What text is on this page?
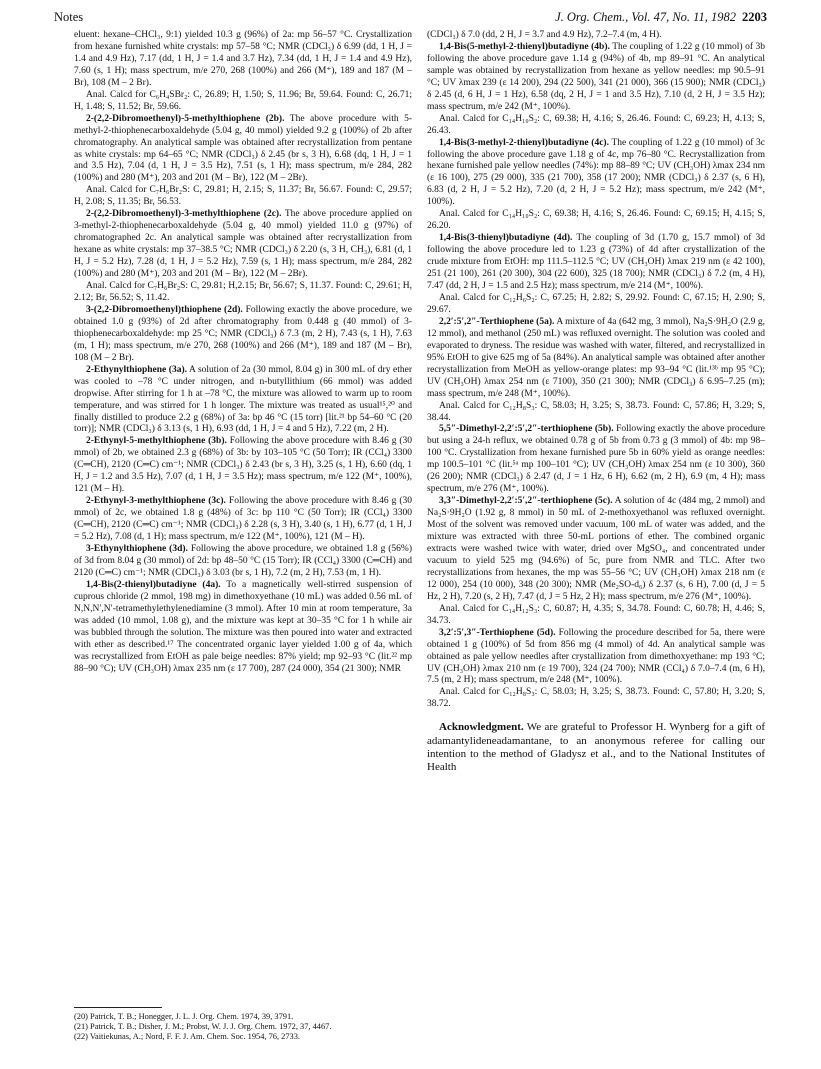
Notes	J. Org. Chem., Vol. 47, No. 11, 1982 2203

eluent: hexane–CHCl₃, 9:1) yielded 10.3 g (96%) of 2a: mp 56–57 °C. Crystallization from hexane furnished white crystals: mp 57–58 °C; NMR (CDCl₃) δ 6.99 (dd, 1 H, J = 1.4 and 4.9 Hz), 7.17 (dd, 1 H, J = 1.4 and 3.7 Hz), 7.34 (dd, 1 H, J = 1.4 and 4.9 Hz), 7.60 (s, 1 H); mass spectrum, m/e 270, 268 (100%) and 266 (M⁺), 189 and 187 (M – Br), 108 (M – 2 Br).

Anal. Calcd for C₆H₄SBr₂: C, 26.89; H, 1.50; S, 11.96; Br, 59.64. Found: C, 26.71; H, 1.48; S, 11.52; Br, 59.66.

2-(2,2-Dibromoethenyl)-5-methylthiophene (2b). The above procedure with 5-methyl-2-thiophenecarboxaldehyde (5.04 g, 40 mmol) yielded 9.2 g (100%) of 2b after chromatography. An analytical sample was obtained after recrystallization from pentane as white crystals: mp 64–65 °C; NMR (CDCl₃) δ 2.45 (br s, 3 H), 6.68 (dq, 1 H, J = 1 and 3.5 Hz), 7.04 (d, 1 H, J = 3.5 Hz), 7.51 (s, 1 H); mass spectrum, m/e 284, 282 (100%) and 280 (M⁺), 203 and 201 (M – Br), 122 (M – 2Br).

Anal. Calcd for C₇H₆Br₂S: C, 29.81; H, 2.15; S, 11.37; Br, 56.67. Found: C, 29.57; H, 2.08; S, 11.35; Br, 56.53.

2-(2,2-Dibromoethenyl)-3-methylthiophene (2c). The above procedure applied on 3-methyl-2-thiophenecarboxaldehyde (5.04 g, 40 mmol) yielded 11.0 g (97%) of chromatographed 2c. An analytical sample was obtained after recrystallization from hexane as white crystals: mp 37–38.5 °C; NMR (CDCl₃) δ 2.20 (s, 3 H, CH₃), 6.81 (d, 1 H, J = 5.2 Hz), 7.28 (d, 1 H, J = 5.2 Hz), 7.59 (s, 1 H); mass spectrum, m/e 284, 282 (100%) and 280 (M⁺), 203 and 201 (M – Br), 122 (M – 2Br).

Anal. Calcd for C₇H₆Br₂S: C, 29.81; H,2.15; Br, 56.67; S, 11.37. Found: C, 29.61; H, 2.12; Br, 56.52; S, 11.42.

3-(2,2-Dibromoethenyl)thiophene (2d). Following exactly the above procedure, we obtained 1.0 g (93%) of 2d after chromatography from 0.448 g (40 mmol) of 3-thiophenecarboxaldehyde: mp 25 °C; NMR (CDCl₃) δ 7.3 (m, 2 H), 7.43 (s, 1 H), 7.63 (m, 1 H); mass spectrum, m/e 270, 268 (100%) and 266 (M⁺), 189 and 187 (M – Br), 108 (M – 2 Br).

2-Ethynylthiophene (3a). A solution of 2a (30 mmol, 8.04 g) in 300 mL of dry ether was cooled to –78 °C under nitrogen, and n-butyllithium (66 mmol) was added dropwise. After stirring for 1 h at –78 °C, the mixture was allowed to warm up to room temperature, and was stirred for 1 h longer. The mixture was treated as usual¹⁵,²⁰ and finally distilled to produce 2.2 g (68%) of 3a: bp 46 °C (15 torr) [lit.²¹ bp 54–60 °C (20 torr)]; NMR (CDCl₃) δ 3.13 (s, 1 H), 6.93 (dd, 1 H, J = 4 and 5 Hz), 7.22 (m, 2 H).

2-Ethynyl-5-methylthiophene (3b). Following the above procedure with 8.46 g (30 mmol) of 2b, we obtained 2.3 g (68%) of 3b: by 103–105 °C (50 Torr); IR (CCl₄) 3300 (C═CH), 2120 (C═C) cm⁻¹; NMR (CDCl₃) δ 2.43 (br s, 3 H), 3.25 (s, 1 H), 6.60 (dq, 1 H, J = 1.2 and 3.5 Hz), 7.07 (d, 1 H, J = 3.5 Hz); mass spectrum, m/e 122 (M⁺, 100%), 121 (M – H).

2-Ethynyl-3-methylthiophene (3c). Following the above procedure with 8.46 g (30 mmol) of 2c, we obtained 1.8 g (48%) of 3c: bp 110 °C (50 Torr); IR (CCl₄) 3300 (C═CH), 2120 (C═C) cm⁻¹; NMR (CDCl₃) δ 2.28 (s, 3 H), 3.40 (s, 1 H), 6.77 (d, 1 H, J = 5.2 Hz), 7.08 (d, 1 H); mass spectrum, m/e 122 (M⁺, 100%), 121 (M – H).

3-Ethynylthiophene (3d). Following the above procedure, we obtained 1.8 g (56%) of 3d from 8.04 g (30 mmol) of 2d: bp 48–50 °C (15 Torr); IR (CCl₄) 3300 (C═CH) and 2120 (C═C) cm⁻¹; NMR (CDCl₃) δ 3.03 (br s, 1 H), 7.2 (m, 2 H), 7.53 (m, 1 H).

1,4-Bis(2-thienyl)butadiyne (4a). To a magnetically well-stirred suspension of cuprous chloride (2 mmol, 198 mg) in dimethoxyethane (10 mL) was added 0.56 mL of N,N,N′,N′-tetramethylethylenediamine (3 mmol). After 10 min at room temperature, 3a was added (10 mmol, 1.08 g), and the mixture was kept at 30–35 °C for 1 h while air was bubbled through the solution. The mixture was then poured into water and extracted with ether as described.¹⁷ The concentrated organic layer yielded 1.00 g of 4a, which was recrystallized from EtOH as pale beige needles: 87% yield; mp 92–93 °C (lit.²² mp 88–90 °C); UV (CH₃OH) λmax 235 nm (ε 17 700), 287 (24 000), 354 (21 300); NMR

(20) Patrick, T. B.; Honegger, J. L. J. Org. Chem. 1974, 39, 3791.
(21) Patrick, T. B.; Disher, J. M.; Probst, W. J. J. Org. Chem. 1972, 37, 4467.
(22) Vaitiekunas, A.; Nord, F. F. J. Am. Chem. Soc. 1954, 76, 2733.

(CDCl₃) δ 7.0 (dd, 2 H, J = 3.7 and 4.9 Hz), 7.2–7.4 (m, 4 H).

1,4-Bis(5-methyl-2-thienyl)butadiyne (4b). The coupling of 1.22 g (10 mmol) of 3b following the above procedure gave 1.14 g (94%) of 4b, mp 89–91 °C. An analytical sample was obtained by recrystallization from hexane as yellow needles: mp 90.5–91 °C; UV λmax 239 (ε 14 200), 294 (22 500), 341 (21 000), 366 (15 900); NMR (CDCl₃) δ 2.45 (d, 6 H, J = 1 Hz), 6.58 (dq, 2 H, J = 1 and 3.5 Hz), 7.10 (d, 2 H, J = 3.5 Hz); mass spectrum, m/e 242 (M⁺, 100%).

Anal. Calcd for C₁₄H₁₀S₂: C, 69.38; H, 4.16; S, 26.46. Found: C, 69.23; H, 4.13; S, 26.43.

1,4-Bis(3-methyl-2-thienyl)butadiyne (4c). The coupling of 1.22 g (10 mmol) of 3c following the above procedure gave 1.18 g of 4c, mp 76–80 °C. Recrystallization from hexane furnished pale yellow needles (74%): mp 88–89 °C; UV (CH₃OH) λmax 234 nm (ε 16 100), 275 (29 000), 335 (21 700), 358 (17 200); NMR (CDCl₃) δ 2.37 (s, 6 H), 6.83 (d, 2 H, J = 5.2 Hz), 7.20 (d, 2 H, J = 5.2 Hz); mass spectrum, m/e 242 (M⁺, 100%).

Anal. Calcd for C₁₄H₁₀S₂: C, 69.38; H, 4.16; S, 26.46. Found: C, 69.15; H, 4.15; S, 26.20.

1,4-Bis(3-thienyl)butadiyne (4d). The coupling of 3d (1.70 g, 15.7 mmol) of 3d following the above procedure led to 1.23 g (73%) of 4d after crystallization of the crude mixture from EtOH: mp 111.5–112.5 °C; UV (CH₃OH) λmax 219 nm (ε 42 100), 251 (21 100), 261 (20 300), 304 (22 600), 325 (18 700); NMR (CDCl₃) δ 7.2 (m, 4 H), 7.47 (dd, 2 H, J = 1.5 and 2.5 Hz); mass spectrum, m/e 214 (M⁺, 100%).

Anal. Calcd for C₁₂H₆S₂: C, 67.25; H, 2.82; S, 29.92. Found: C, 67.15; H, 2.90; S, 29.67.

2,2′:5′,2″-Terthiophene (5a). A mixture of 4a (642 mg, 3 mmol), Na₂S·9H₂O (2.9 g, 12 mmol), and methanol (250 mL) was refluxed overnight. The solution was cooled and evaporated to dryness. The residue was washed with water, filtered, and recrystallized in 95% EtOH to give 625 mg of 5a (84%). An analytical sample was obtained after another recrystallization from MeOH as yellow-orange plates: mp 93–94 °C (lit.¹³ᵇ mp 95 °C); UV (CH₃OH) λmax 254 nm (ε 7100), 350 (21 300); NMR (CDCl₃) δ 6.95–7.25 (m); mass spectrum, m/e 248 (M⁺, 100%).

Anal. Calcd for C₁₂H₈S₃: C, 58.03; H, 3.25; S, 38.73. Found: C, 57.86; H, 3.29; S, 38.44.

5,5″-Dimethyl-2,2′:5′,2″-terthiophene (5b). Following exactly the above procedure but using a 24-h reflux, we obtained 0.78 g of 5b from 0.73 g (3 mmol) of 4b: mp 98–100 °C. Crystallization from hexane furnished pure 5b in 60% yield as orange needles: mp 100.5–101 °C (lit.⁵ᵃ mp 100–101 °C); UV (CH₃OH) λmax 254 nm (ε 10 300), 360 (26 200); NMR (CDCl₃) δ 2.47 (d, J = 1 Hz, 6 H), 6.62 (m, 2 H), 6.9 (m, 4 H); mass spectrum, m/e 276 (M⁺, 100%).

3,3″-Dimethyl-2,2′:5′,2″-terthiophene (5c). A solution of 4c (484 mg, 2 mmol) and Na₂S·9H₂O (1.92 g, 8 mmol) in 50 mL of 2-methoxyethanol was refluxed overnight. Most of the solvent was removed under vacuum, 100 mL of water was added, and the mixture was extracted with three 50-mL portions of ether. The combined organic extracts were washed twice with water, dried over MgSO₄, and concentrated under vacuum to yield 525 mg (94.6%) of 5c, pure from NMR and TLC. After two recrystallizations from hexanes, the mp was 55–56 °C; UV (CH₃OH) λmax 218 nm (ε 12 000), 254 (10 000), 348 (20 300); NMR (Me₂SO-d₆) δ 2.37 (s, 6 H), 7.00 (d, J = 5 Hz, 2 H), 7.20 (s, 2 H), 7.47 (d, J = 5 Hz, 2 H); mass spectrum, m/e 276 (M⁺, 100%).

Anal. Calcd for C₁₄H₁₂S₃: C, 60.87; H, 4.35; S, 34.78. Found: C, 60.78; H, 4.46; S, 34.73.

3,2′:5′,3″-Terthiophene (5d). Following the procedure described for 5a, there were obtained 1 g (100%) of 5d from 856 mg (4 mmol) of 4d. An analytical sample was obtained as pale yellow needles after crystallization from dimethoxyethane: mp 193 °C; UV (CH₃OH) λmax 210 nm (ε 19 700), 324 (24 700); NMR (CCl₄) δ 7.0–7.4 (m, 6 H), 7.5 (m, 2 H); mass spectrum, m/e 248 (M⁺, 100%).

Anal. Calcd for C₁₂H₈S₃: C, 58.03; H, 3.25; S, 38.73. Found: C, 57.80; H, 3.20; S, 38.72.

Acknowledgment. We are grateful to Professor H. Wynberg for a gift of adamantylideneadamantane, to an anonymous referee for calling our intention to the method of Gladysz et al., and to the National Institutes of Health
